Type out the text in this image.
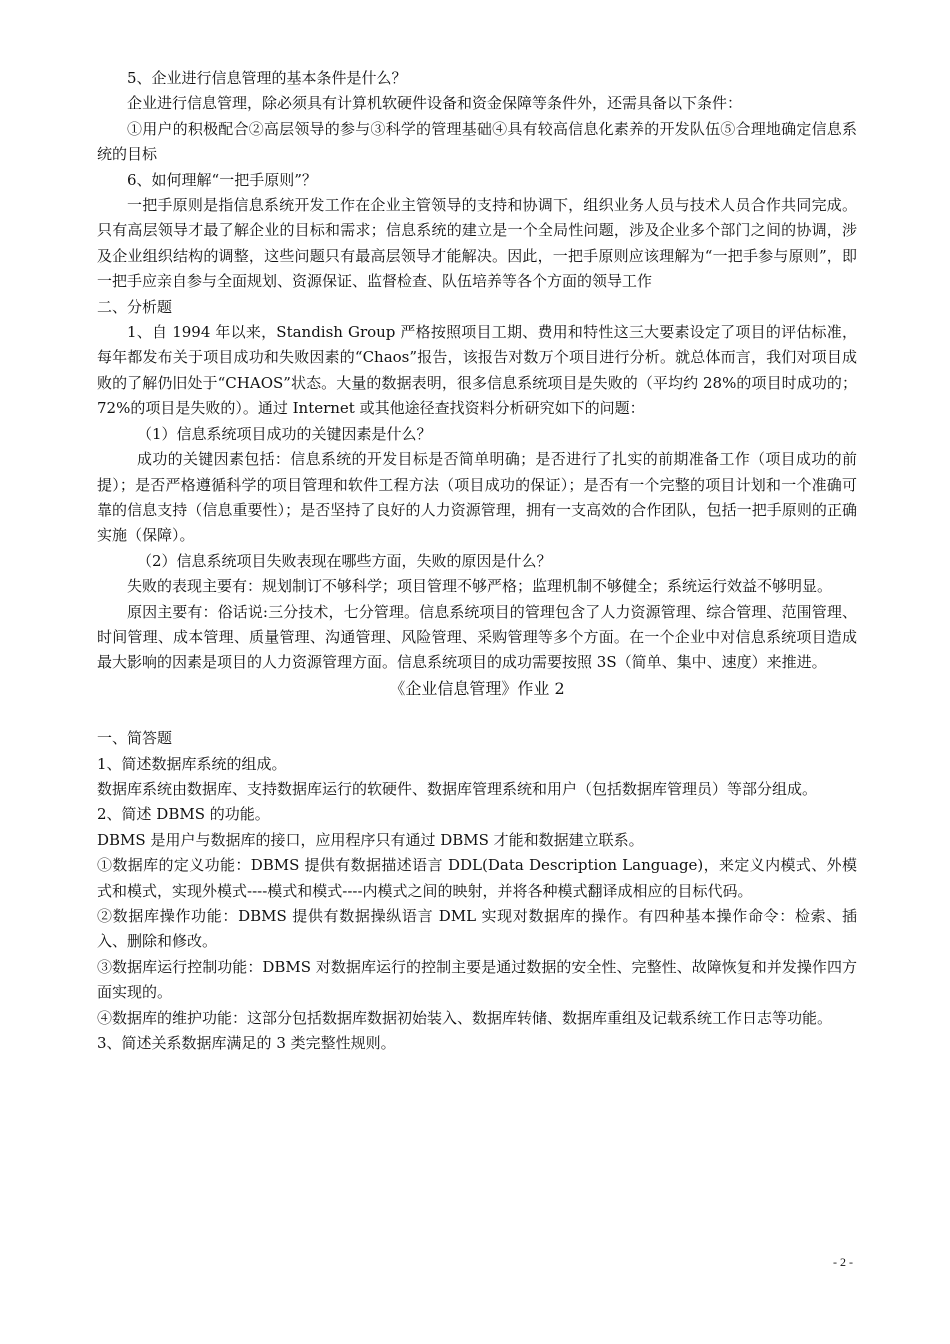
5、企业进行信息管理的基本条件是什么？

企业进行信息管理，除必须具有计算机软硬件设备和资金保障等条件外，还需具备以下条件：

①用户的积极配合②高层领导的参与③科学的管理基础④具有较高信息化素养的开发队伍⑤合理地确定信息系统的目标

6、如何理解“一把手原则”？

一把手原则是指信息系统开发工作在企业主管领导的支持和协调下，组织业务人员与技术人员合作共同完成。只有高层领导才最了解企业的目标和需求；信息系统的建立是一个全局性问题，涉及企业多个部门之间的协调，涉及企业组织结构的调整，这些问题只有最高层领导才能解决。因此，一把手原则应该理解为“一把手参与原则”，即一把手应亲自参与全面规划、资源保证、监督检查、队伍培养等各个方面的领导工作

二、分析题

1、自 1994 年以来，Standish Group 严格按照项目工期、费用和特性这三大要素设定了项目的评估标准，每年都发布关于项目成功和失败因素的“Chaos”报告，该报告对数万个项目进行分析。就总体而言，我们对项目成败的了解仍旧处于“CHAOS”状态。大量的数据表明，很多信息系统项目是失败的（平均约 28%的项目时成功的；72%的项目是失败的）。通过 Internet 或其他途径查找资料分析研究如下的问题：

（1）信息系统项目成功的关键因素是什么？

成功的关键因素包括：信息系统的开发目标是否简单明确；是否进行了扎实的前期准备工作（项目成功的前提）；是否严格遵循科学的项目管理和软件工程方法（项目成功的保证）；是否有一个完整的项目计划和一个准确可靠的信息支持（信息重要性）；是否坚持了良好的人力资源管理，拥有一支高效的合作团队，包括一把手原则的正确实施（保障）。

（2）信息系统项目失败表现在哪些方面，失败的原因是什么？

失败的表现主要有：规划制订不够科学；项目管理不够严格；监理机制不够健全；系统运行效益不够明显。

原因主要有：俗话说:三分技术，七分管理。信息系统项目的管理包含了人力资源管理、综合管理、范围管理、时间管理、成本管理、质量管理、沟通管理、风险管理、采购管理等多个方面。在一个企业中对信息系统项目造成最大影响的因素是项目的人力资源管理方面。信息系统项目的成功需要按照 3S（简单、集中、速度）来推进。

《企业信息管理》作业 2

一、简答题

1、简述数据库系统的组成。

数据库系统由数据库、支持数据库运行的软硬件、数据库管理系统和用户（包括数据库管理员）等部分组成。

2、简述 DBMS 的功能。

DBMS 是用户与数据库的接口，应用程序只有通过 DBMS 才能和数据建立联系。

①数据库的定义功能：DBMS 提供有数据描述语言 DDL(Data Description Language)，来定义内模式、外模式和模式，实现外模式----模式和模式----内模式之间的映射，并将各种模式翻译成相应的目标代码。

②数据库操作功能：DBMS 提供有数据操纵语言 DML 实现对数据库的操作。有四种基本操作命令：检索、插入、删除和修改。

③数据库运行控制功能：DBMS 对数据库运行的控制主要是通过数据的安全性、完整性、故障恢复和并发操作四方面实现的。

④数据库的维护功能：这部分包括数据库数据初始装入、数据库转储、数据库重组及记载系统工作日志等功能。

3、简述关系数据库满足的 3 类完整性规则。

- 2 -
